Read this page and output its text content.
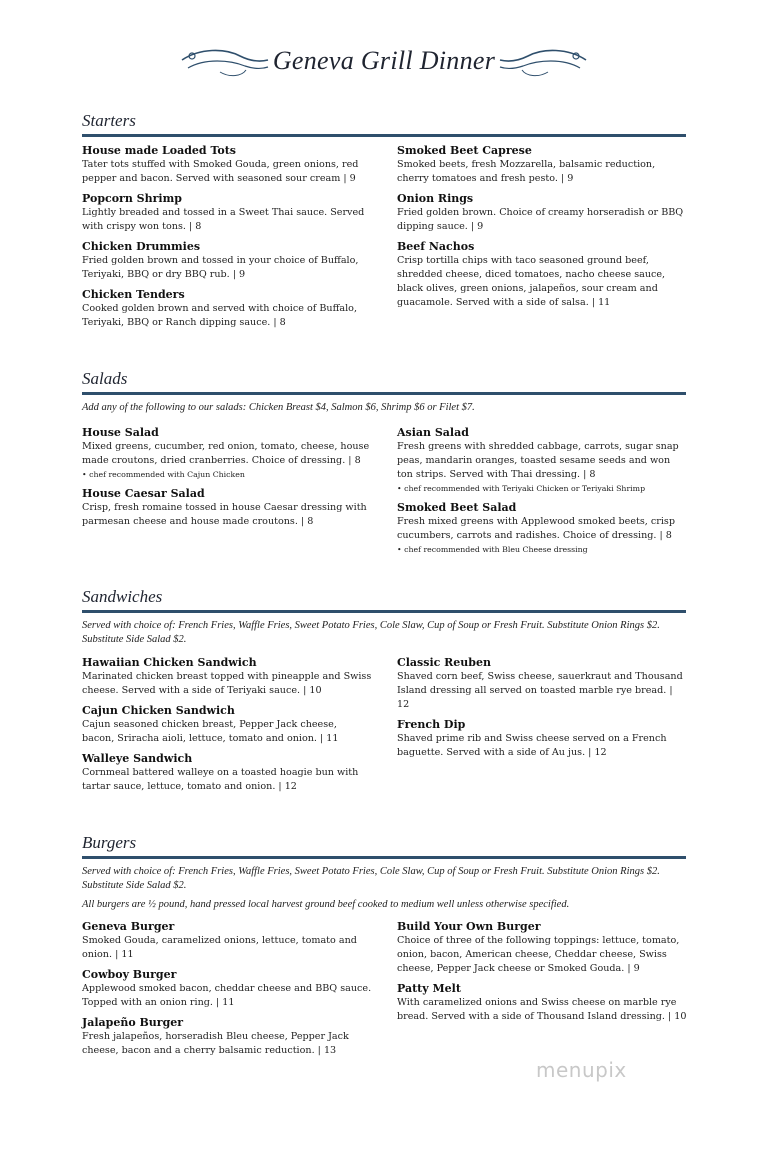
Geneva Grill Dinner
Starters
House made Loaded Tots
Tater tots stuffed with Smoked Gouda, green onions, red pepper and bacon. Served with seasoned sour cream | 9
Popcorn Shrimp
Lightly breaded and tossed in a Sweet Thai sauce. Served with crispy won tons. | 8
Chicken Drummies
Fried golden brown and tossed in your choice of Buffalo, Teriyaki, BBQ or dry BBQ rub. | 9
Chicken Tenders
Cooked golden brown and served with choice of Buffalo, Teriyaki, BBQ or Ranch dipping sauce. | 8
Smoked Beet Caprese
Smoked beets, fresh Mozzarella, balsamic reduction, cherry tomatoes and fresh pesto. | 9
Onion Rings
Fried golden brown. Choice of creamy horseradish or BBQ dipping sauce. | 9
Beef Nachos
Crisp tortilla chips with taco seasoned ground beef, shredded cheese, diced tomatoes, nacho cheese sauce, black olives, green onions, jalapeños, sour cream and guacamole. Served with a side of salsa. | 11
Salads
Add any of the following to our salads: Chicken Breast $4, Salmon $6, Shrimp $6 or Filet $7.
House Salad
Mixed greens, cucumber, red onion, tomato, cheese, house made croutons, dried cranberries. Choice of dressing. | 8
• chef recommended with Cajun Chicken
House Caesar Salad
Crisp, fresh romaine tossed in house Caesar dressing with parmesan cheese and house made croutons. | 8
Asian Salad
Fresh greens with shredded cabbage, carrots, sugar snap peas, mandarin oranges, toasted sesame seeds and won ton strips. Served with Thai dressing. | 8
• chef recommended with Teriyaki Chicken or Teriyaki Shrimp
Smoked Beet Salad
Fresh mixed greens with Applewood smoked beets, crisp cucumbers, carrots and radishes. Choice of dressing. | 8
• chef recommended with Bleu Cheese dressing
Sandwiches
Served with choice of: French Fries, Waffle Fries, Sweet Potato Fries, Cole Slaw, Cup of Soup or Fresh Fruit. Substitute Onion Rings $2. Substitute Side Salad $2.
Hawaiian Chicken Sandwich
Marinated chicken breast topped with pineapple and Swiss cheese. Served with a side of Teriyaki sauce. | 10
Cajun Chicken Sandwich
Cajun seasoned chicken breast, Pepper Jack cheese, bacon, Sriracha aioli, lettuce, tomato and onion. | 11
Walleye Sandwich
Cornmeal battered walleye on a toasted hoagie bun with tartar sauce, lettuce, tomato and onion. | 12
Classic Reuben
Shaved corn beef, Swiss cheese, sauerkraut and Thousand Island dressing all served on toasted marble rye bread. | 12
French Dip
Shaved prime rib and Swiss cheese served on a French baguette. Served with a side of Au jus. | 12
Burgers
Served with choice of: French Fries, Waffle Fries, Sweet Potato Fries, Cole Slaw, Cup of Soup or Fresh Fruit. Substitute Onion Rings $2. Substitute Side Salad $2.
All burgers are ½ pound, hand pressed local harvest ground beef cooked to medium well unless otherwise specified.
Geneva Burger
Smoked Gouda, caramelized onions, lettuce, tomato and onion. | 11
Cowboy Burger
Applewood smoked bacon, cheddar cheese and BBQ sauce. Topped with an onion ring. | 11
Jalapeño Burger
Fresh jalapeños, horseradish Bleu cheese, Pepper Jack cheese, bacon and a cherry balsamic reduction. | 13
Build Your Own Burger
Choice of three of the following toppings: lettuce, tomato, onion, bacon, American cheese, Cheddar cheese, Swiss cheese, Pepper Jack cheese or Smoked Gouda. | 9
Patty Melt
With caramelized onions and Swiss cheese on marble rye bread. Served with a side of Thousand Island dressing. | 10
menupix
